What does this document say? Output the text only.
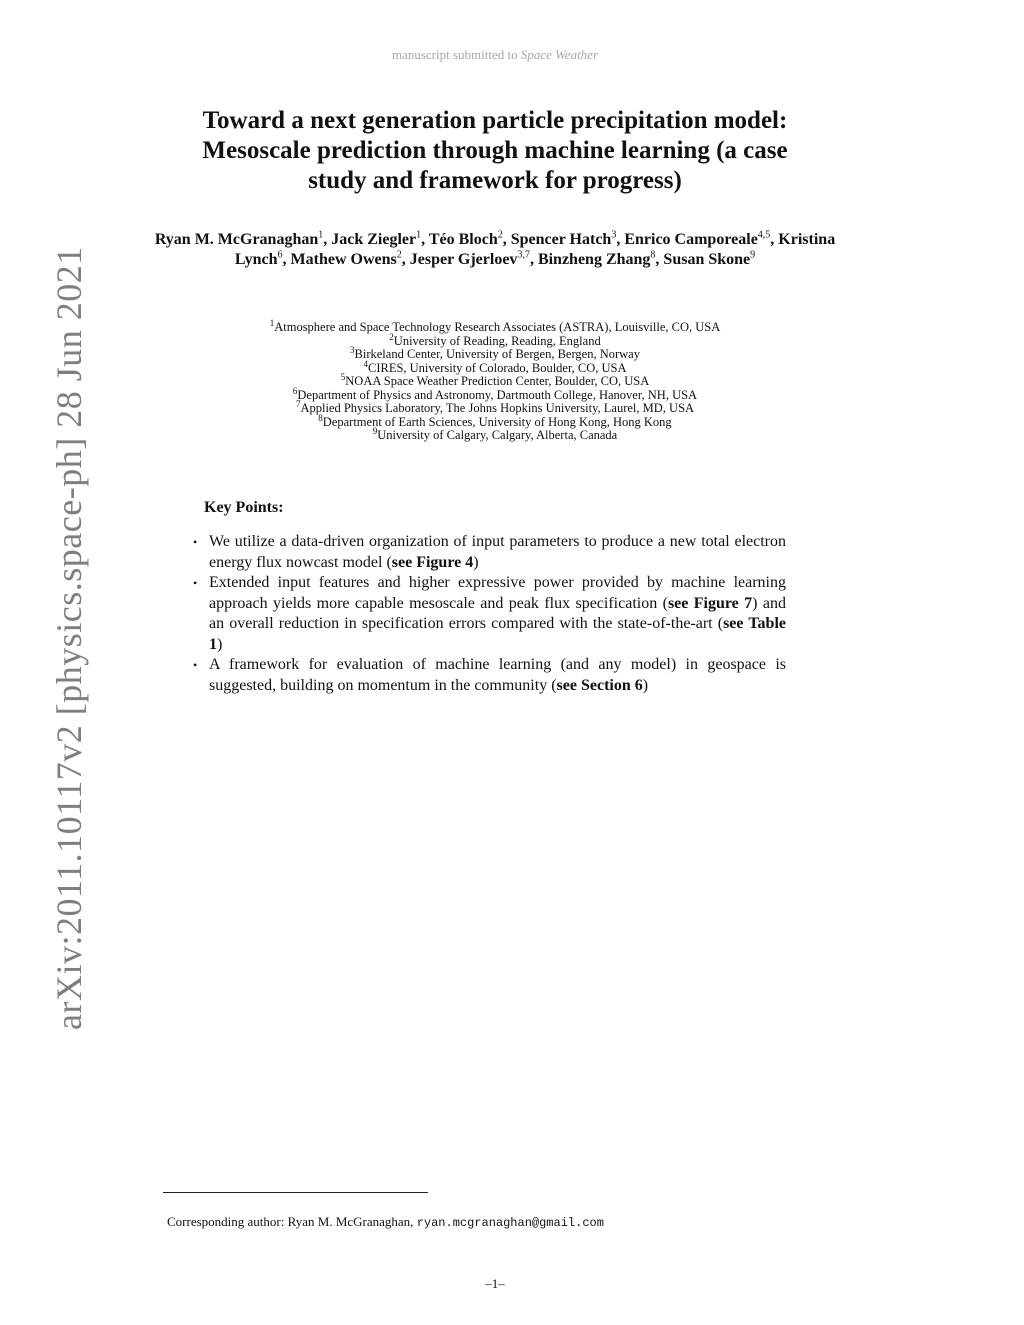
manuscript submitted to Space Weather
arXiv:2011.10117v2 [physics.space-ph] 28 Jun 2021
Toward a next generation particle precipitation model:
Mesoscale prediction through machine learning (a case
study and framework for progress)
Ryan M. McGranaghan$^1$, Jack Ziegler$^1$, Téo Bloch$^2$, Spencer Hatch$^3$, Enrico Camporeale$^{4,5}$, Kristina Lynch$^6$, Mathew Owens$^2$, Jesper Gjerloev$^{3,7}$, Binzheng Zhang$^8$, Susan Skone$^9$
$^1$Atmosphere and Space Technology Research Associates (ASTRA), Louisville, CO, USA
$^2$University of Reading, Reading, England
$^3$Birkeland Center, University of Bergen, Bergen, Norway
$^4$CIRES, University of Colorado, Boulder, CO, USA
$^5$NOAA Space Weather Prediction Center, Boulder, CO, USA
$^6$Department of Physics and Astronomy, Dartmouth College, Hanover, NH, USA
$^7$Applied Physics Laboratory, The Johns Hopkins University, Laurel, MD, USA
$^8$Department of Earth Sciences, University of Hong Kong, Hong Kong
$^9$University of Calgary, Calgary, Alberta, Canada
Key Points:
• We utilize a data-driven organization of input parameters to produce a new total electron energy flux nowcast model (see Figure 4)
• Extended input features and higher expressive power provided by machine learning approach yields more capable mesoscale and peak flux specification (see Figure 7) and an overall reduction in specification errors compared with the state-of-the-art (see Table 1)
• A framework for evaluation of machine learning (and any model) in geospace is suggested, building on momentum in the community (see Section 6)
Corresponding author: Ryan M. McGranaghan, ryan.mcgranaghan@gmail.com
–1–
